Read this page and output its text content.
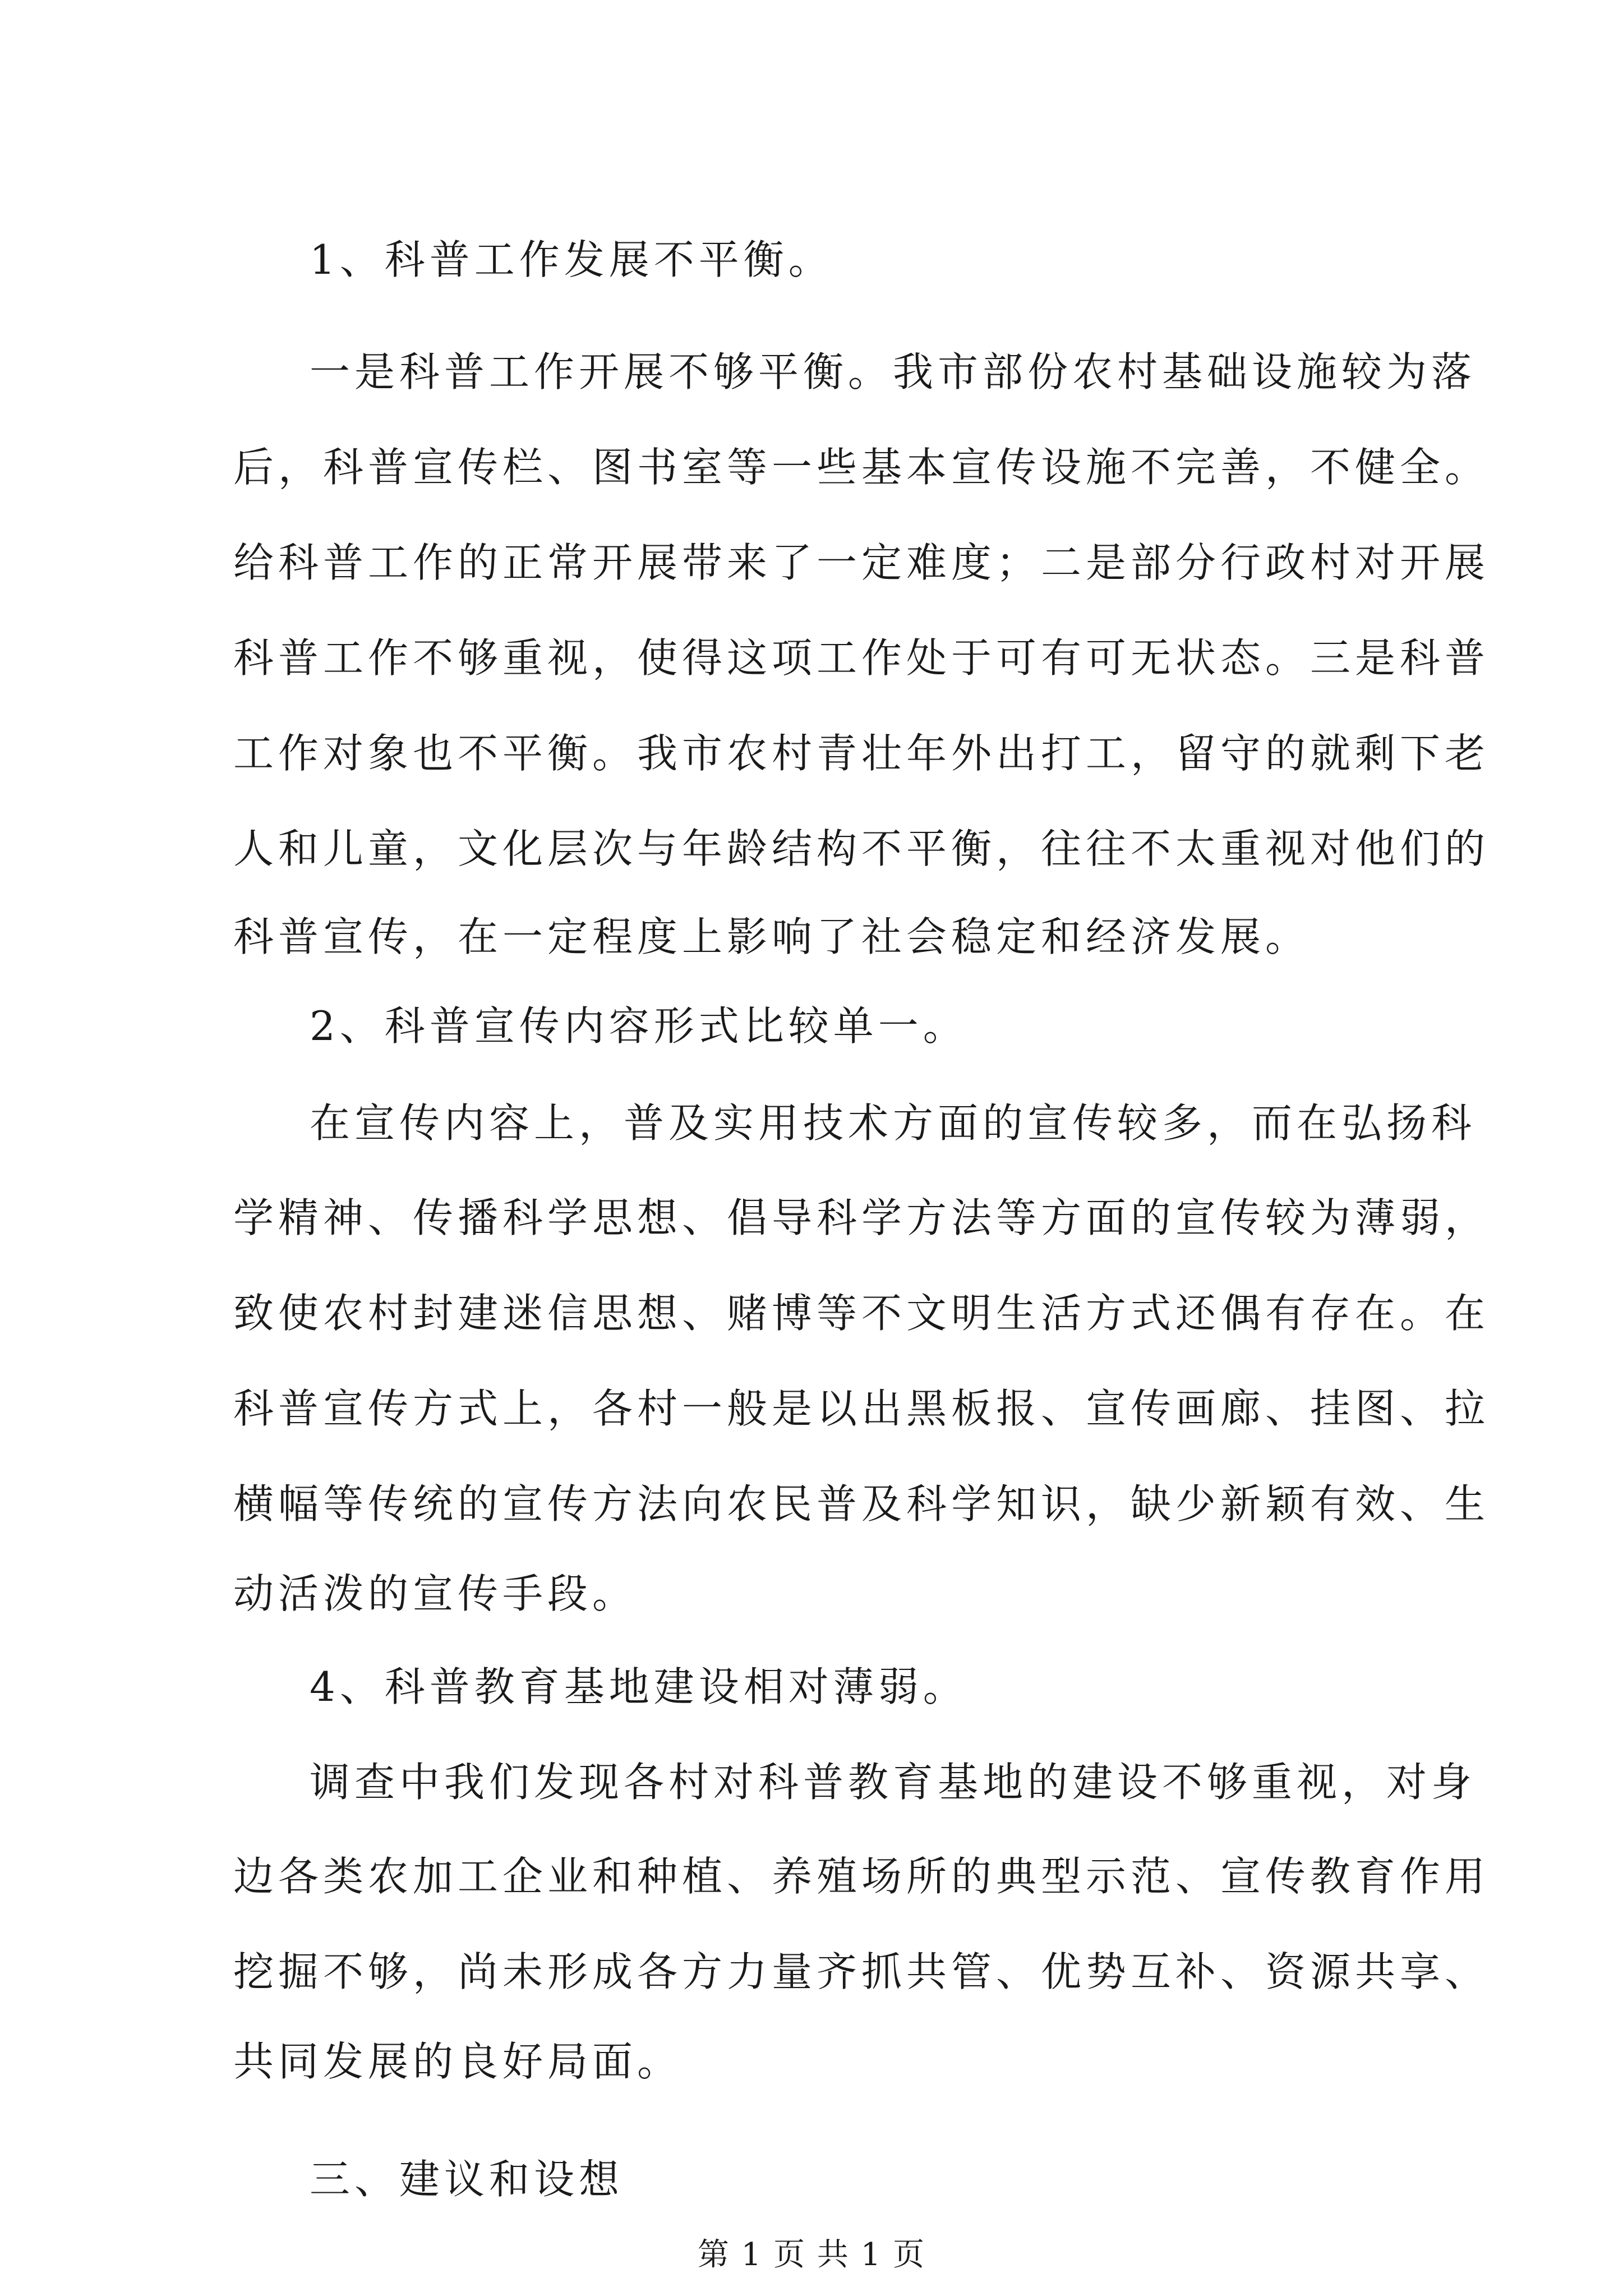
1、科普工作发展不平衡。
一是科普工作开展不够平衡。我市部份农村基础设施较为落
后，科普宣传栏、图书室等一些基本宣传设施不完善，不健全。
给科普工作的正常开展带来了一定难度；二是部分行政村对开展
科普工作不够重视，使得这项工作处于可有可无状态。三是科普
工作对象也不平衡。我市农村青壮年外出打工，留守的就剩下老
人和儿童，文化层次与年龄结构不平衡，往往不太重视对他们的
科普宣传，在一定程度上影响了社会稳定和经济发展。
2、科普宣传内容形式比较单一。
在宣传内容上，普及实用技术方面的宣传较多，而在弘扬科
学精神、传播科学思想、倡导科学方法等方面的宣传较为薄弱，
致使农村封建迷信思想、赌博等不文明生活方式还偶有存在。在
科普宣传方式上，各村一般是以出黑板报、宣传画廊、挂图、拉
横幅等传统的宣传方法向农民普及科学知识，缺少新颖有效、生
动活泼的宣传手段。
4、科普教育基地建设相对薄弱。
调查中我们发现各村对科普教育基地的建设不够重视，对身
边各类农加工企业和种植、养殖场所的典型示范、宣传教育作用
挖掘不够，尚未形成各方力量齐抓共管、优势互补、资源共享、
共同发展的良好局面。
三、建议和设想
第 1 页 共 1 页
